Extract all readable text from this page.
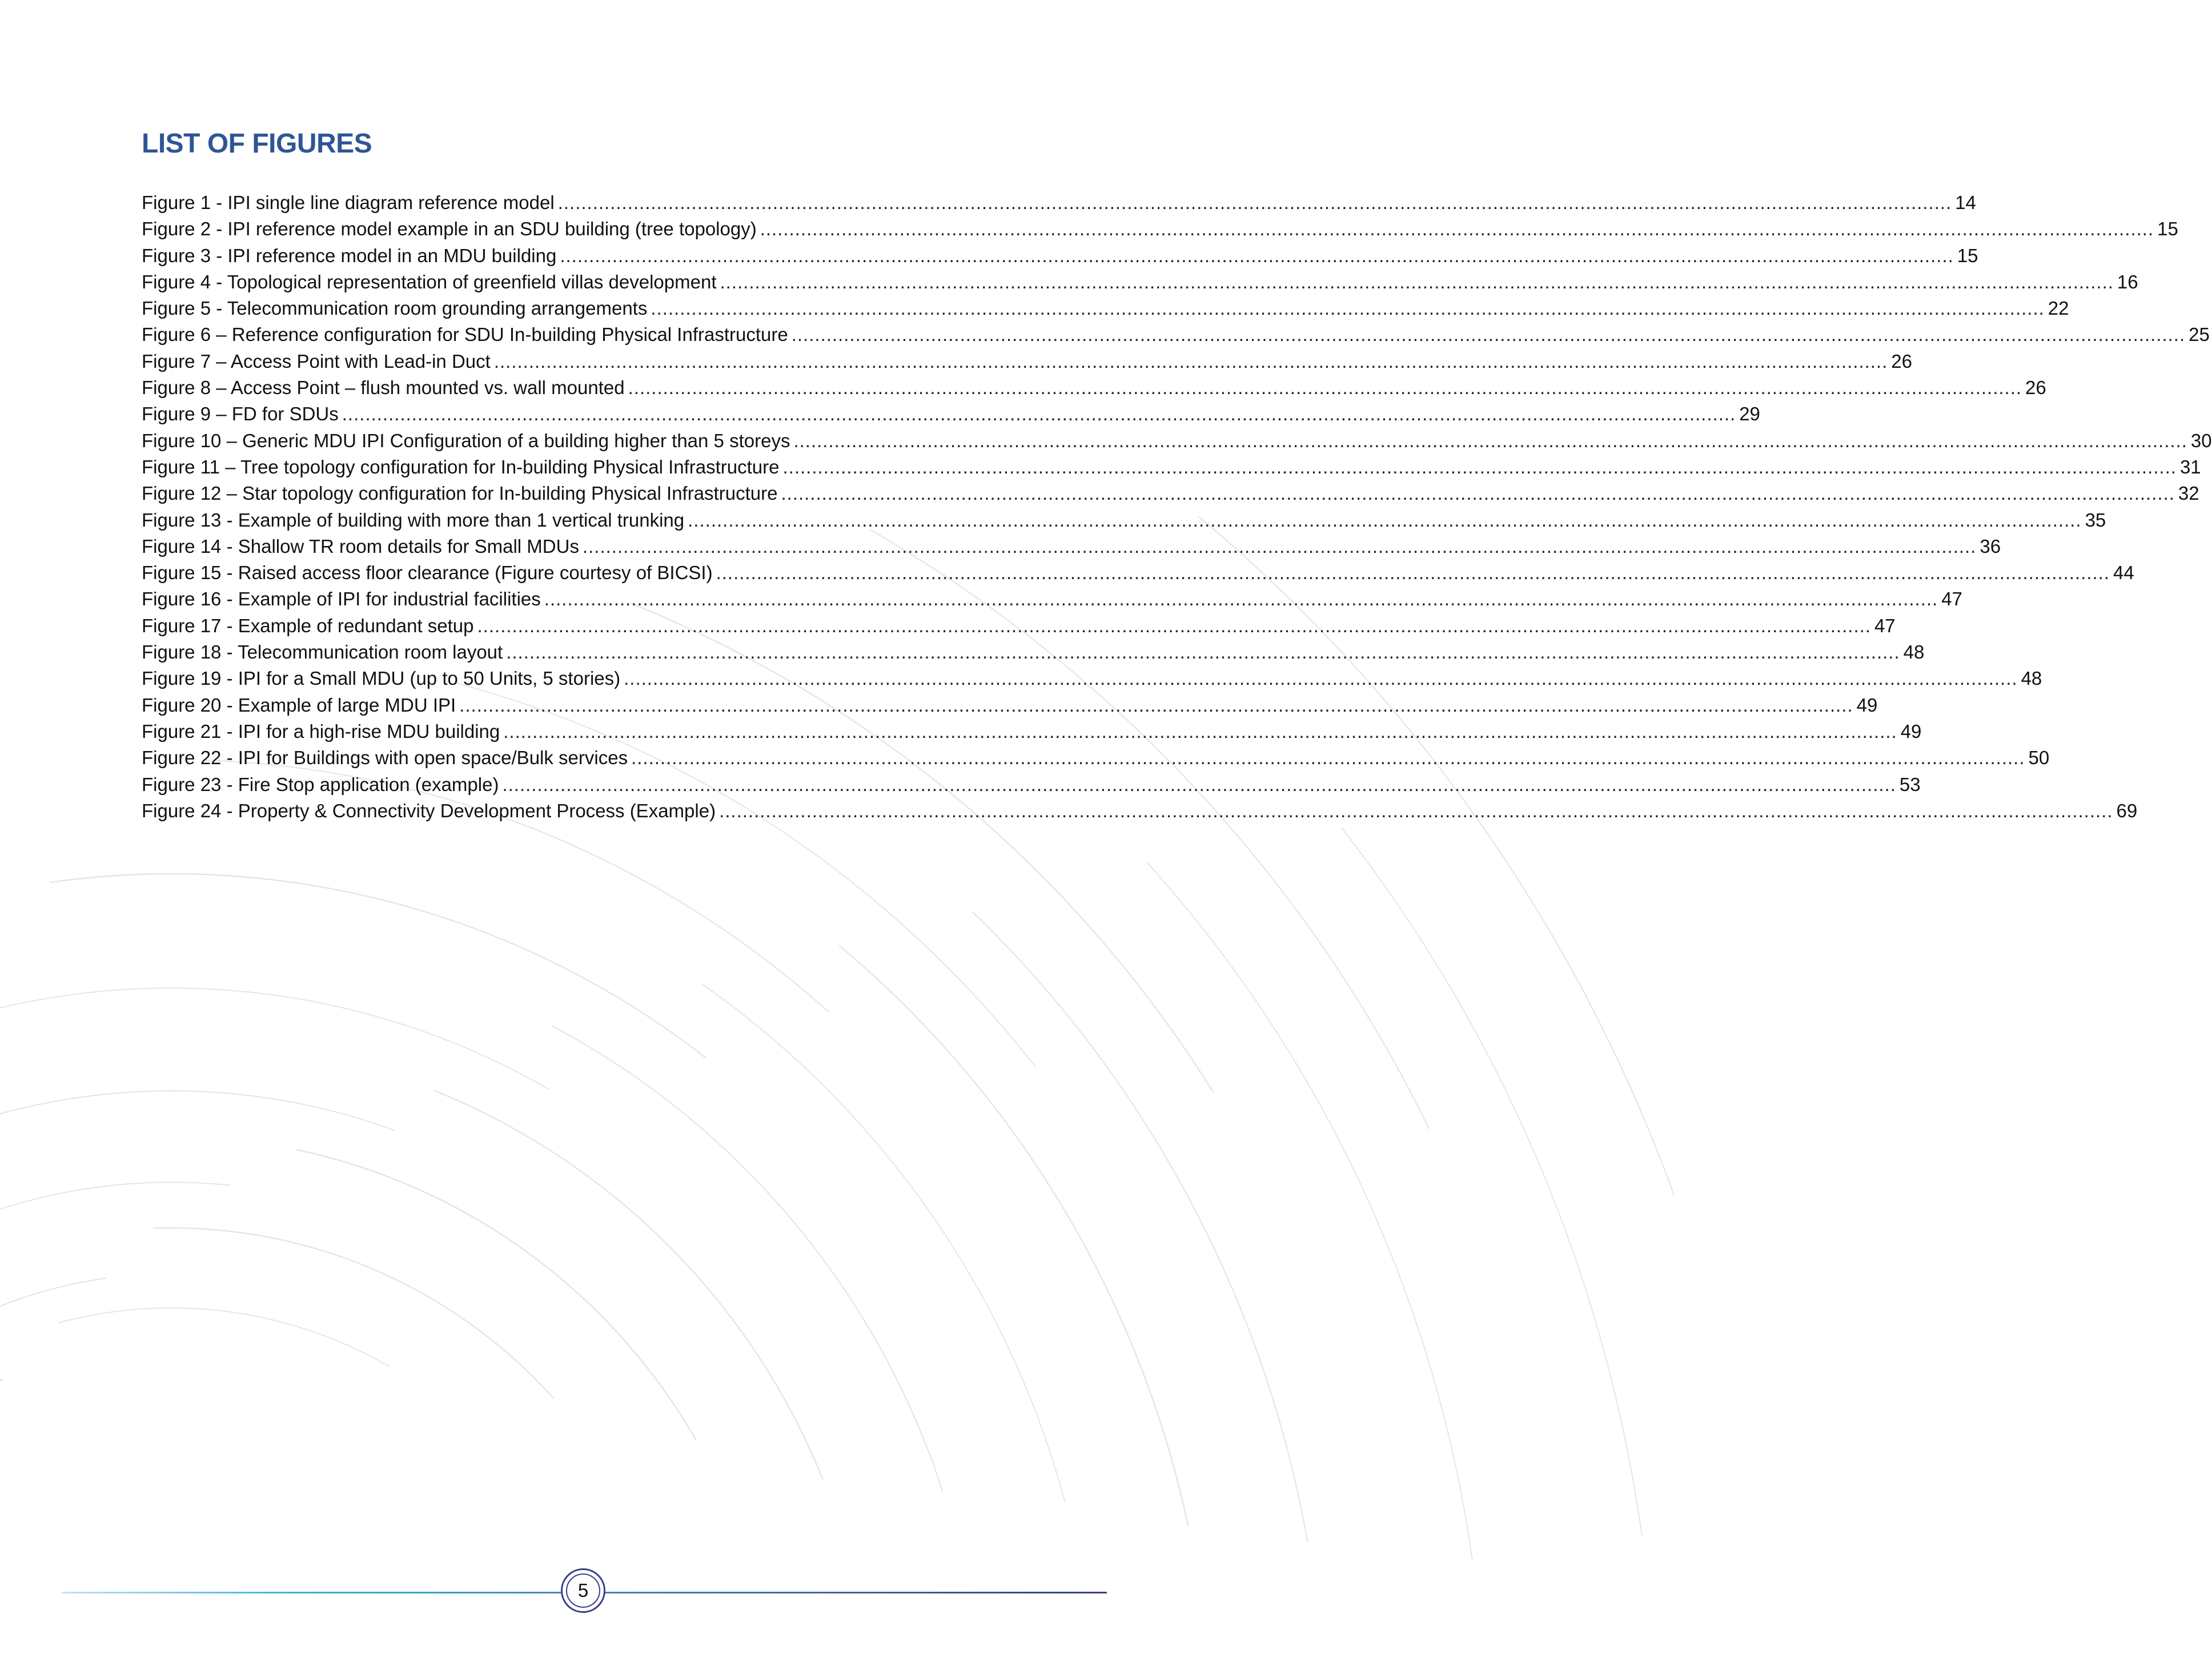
LIST OF FIGURES
Figure 1 - IPI single line diagram reference model .....	14
Figure 2 - IPI reference model example in an SDU building (tree topology) .....	15
Figure 3 - IPI reference model in an MDU building .....	15
Figure 4 - Topological representation of greenfield villas development .....	16
Figure 5 - Telecommunication room grounding arrangements .....	22
Figure 6 – Reference configuration for SDU In-building Physical Infrastructure .....	25
Figure 7 – Access Point with Lead-in Duct .....	26
Figure 8 – Access Point – flush mounted vs. wall mounted .....	26
Figure 9 – FD for SDUs .....	29
Figure 10 – Generic MDU IPI Configuration of a building higher than 5 storeys .....	30
Figure 11 – Tree topology configuration for In-building Physical Infrastructure .....	31
Figure 12 – Star topology configuration for In-building Physical Infrastructure .....	32
Figure 13 - Example of building with more than 1 vertical trunking .....	35
Figure 14 - Shallow TR room details for Small MDUs .....	36
Figure 15 - Raised access floor clearance (Figure courtesy of BICSI) .....	44
Figure 16 - Example of IPI for industrial facilities .....	47
Figure 17 - Example of redundant setup .....	47
Figure 18 - Telecommunication room layout .....	48
Figure 19 - IPI for a Small MDU (up to 50 Units, 5 stories) .....	48
Figure 20 - Example of large MDU IPI .....	49
Figure 21 - IPI for a high-rise MDU building .....	49
Figure 22 - IPI for Buildings with open space/Bulk services .....	50
Figure 23 - Fire Stop application (example) .....	53
Figure 24 - Property & Connectivity Development Process (Example) .....	69
5
